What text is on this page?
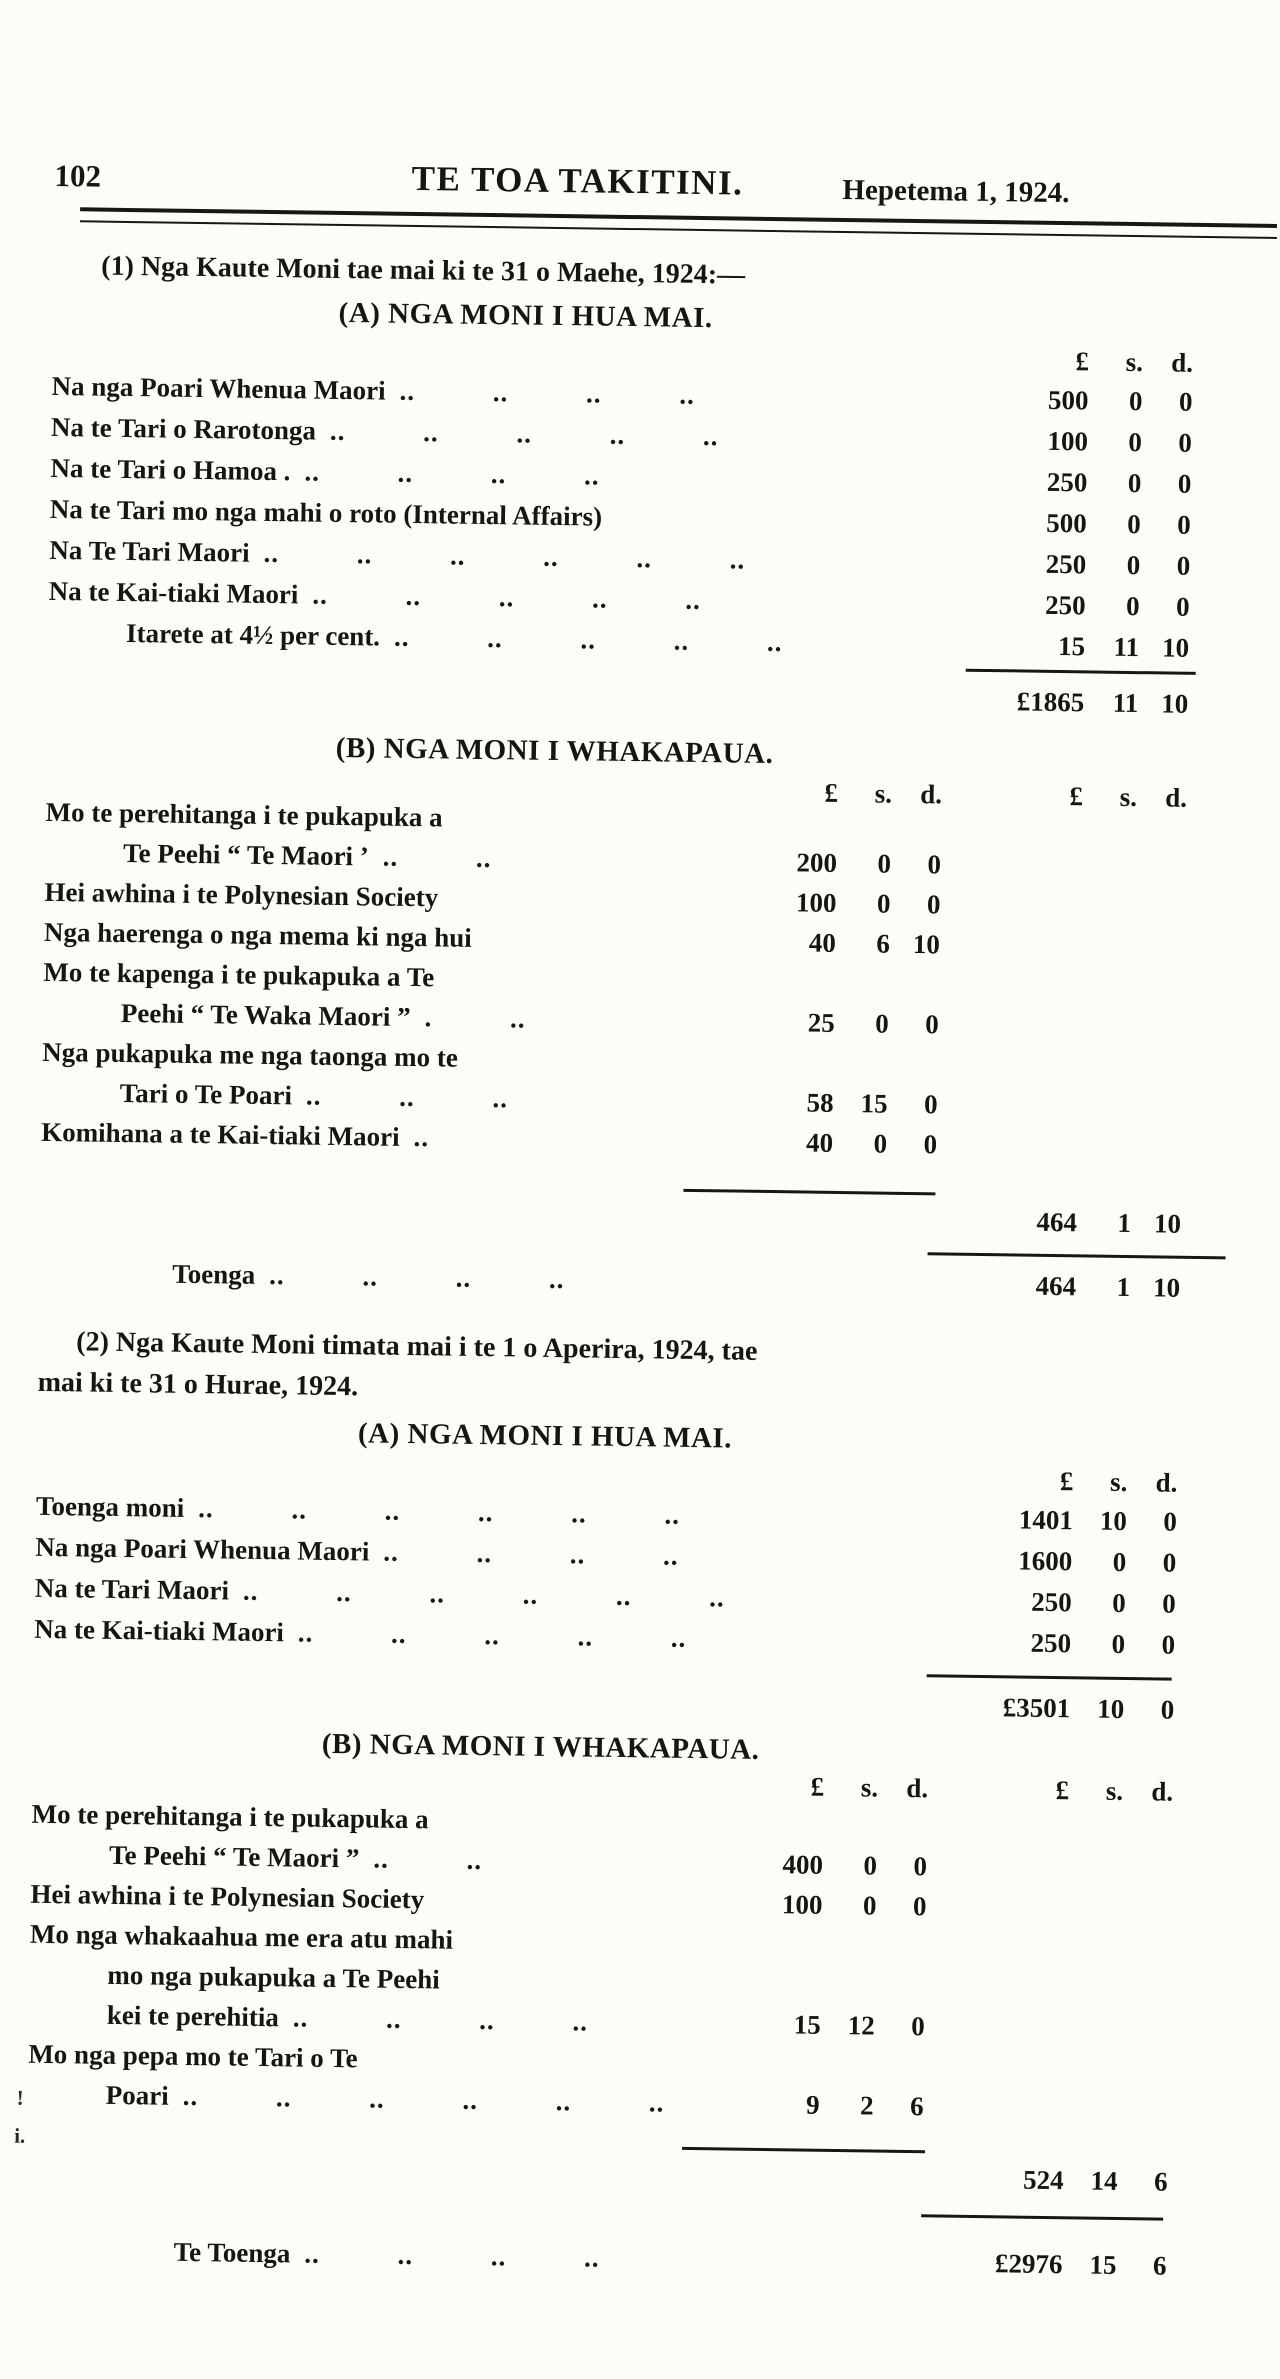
102	TE TOA TAKITINI.	Hepetema 1, 1924.
(1) Nga Kaute Moni tae mai ki te 31 o Maehe, 1924:—
(A) NGA MONI I HUA MAI.
£	s.	d.
Na nga Poari Whenua Maori .. .. .. ..	500	0	0
Na te Tari o Rarotonga .. .. .. .. ..	100	0	0
Na te Tari o Hamoa . .. .. .. ..	250	0	0
Na te Tari mo nga mahi o roto (Internal Affairs)	500	0	0
Na Te Tari Maori .. .. .. .. .. ..	250	0	0
Na te Kai-tiaki Maori .. .. .. .. ..	250	0	0
Itarete at 4½ per cent. .. .. .. .. ..	15	11 10
£1865	11 10
(B) NGA MONI I WHAKAPAUA.
£	s.	d.	£	s.	d.
Mo te perehitanga i te pukapuka a
Te Peehi “ Te Maori ’ .. ..	200	0	0
Hei awhina i te Polynesian Society	100	0	0
Nga haerenga o nga mema ki nga hui	40	6 10
Mo te kapenga i te pukapuka a Te
Peehi “ Te Waka Maori ” . ..	25	0	0
Nga pukapuka me nga taonga mo te
Tari o Te Poari .. .. ..	58 15	0
Komihana a te Kai-tiaki Maori ..	40	0	0
464	1 10
Toenga .. .. .. ..	464	1 10
(2) Nga Kaute Moni timata mai i te 1 o Aperira, 1924, tae
mai ki te 31 o Hurae, 1924.
(A) NGA MONI I HUA MAI.
£	s.	d.
Toenga moni .. .. .. .. .. ..	1401 10	0
Na nga Poari Whenua Maori .. .. .. ..	1600	0	0
Na te Tari Maori .. .. .. .. .. ..	250	0	0
Na te Kai-tiaki Maori .. .. .. .. ..	250	0	0
£3501 10	0
(B) NGA MONI I WHAKAPAUA.
£	s.	d.	£	s.	d.
Mo te perehitanga i te pukapuka a
Te Peehi “ Te Maori ” .. ..	400	0	0
Hei awhina i te Polynesian Society	100	0	0
Mo nga whakaahua me era atu mahi
mo nga pukapuka a Te Peehi
kei te perehitia .. .. .. ..	15 12	0
Mo nga pepa mo te Tari o Te
Poari .. .. .. .. .. ..	9	2	6
524 14	6
Te Toenga .. .. .. ..	£2976 15	6
!
i.
